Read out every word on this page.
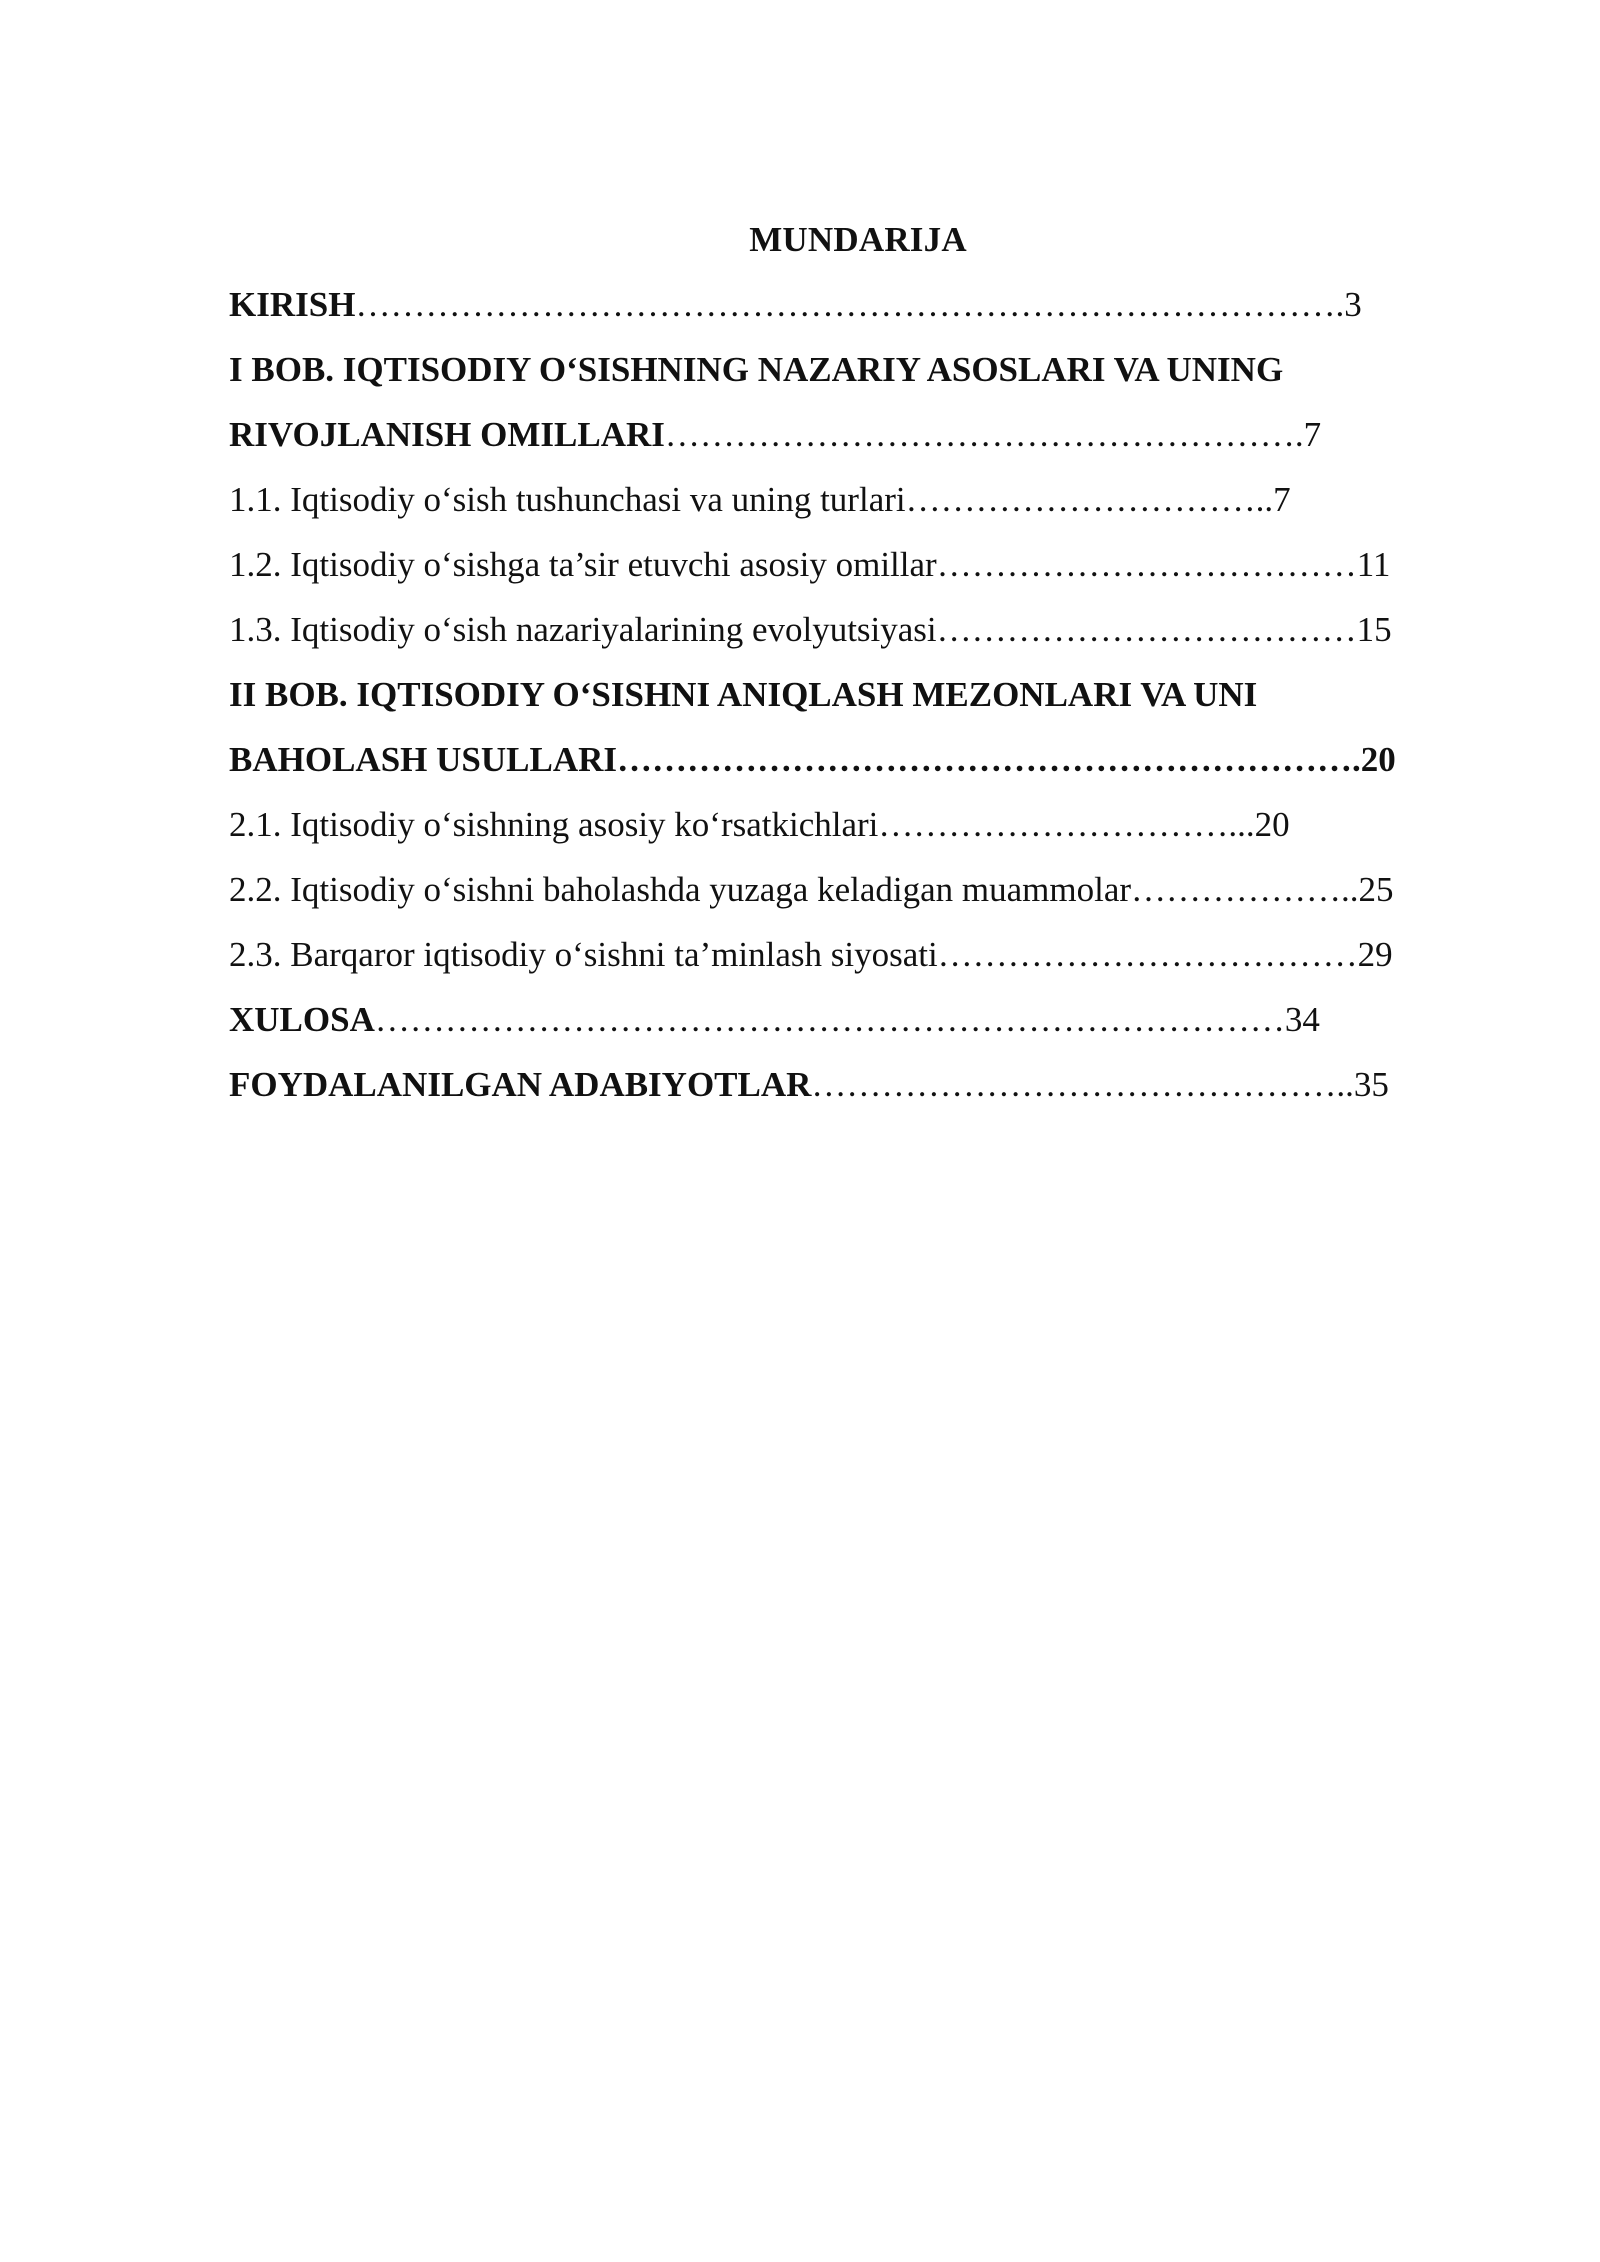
MUNDARIJA
KIRISH………………………………………………………………………….3
I BOB. IQTISODIY O‘SISHNING NAZARIY ASOSLARI VA UNING
RIVOJLANISH OMILLARI……………………………………………….7
1.1. Iqtisodiy o‘sish tushunchasi va uning turlari…………………………..7
1.2. Iqtisodiy o‘sishga ta’sir etuvchi asosiy omillar………………………………11
1.3. Iqtisodiy o‘sish nazariyalarining evolyutsiyasi………………………………15
II BOB. IQTISODIY O‘SISHNI ANIQLASH MEZONLARI VA UNI
BAHOLASH USULLARI……………………………………………………….20
2.1. Iqtisodiy o‘sishning asosiy ko‘rsatkichlari…………………………...20
2.2. Iqtisodiy o‘sishni baholashda yuzaga keladigan muammolar………………..25
2.3. Barqaror iqtisodiy o‘sishni ta’minlash siyosati………………………………29
XULOSA……………………………………………………………………34
FOYDALANILGAN ADABIYOTLAR………………………………………..35
